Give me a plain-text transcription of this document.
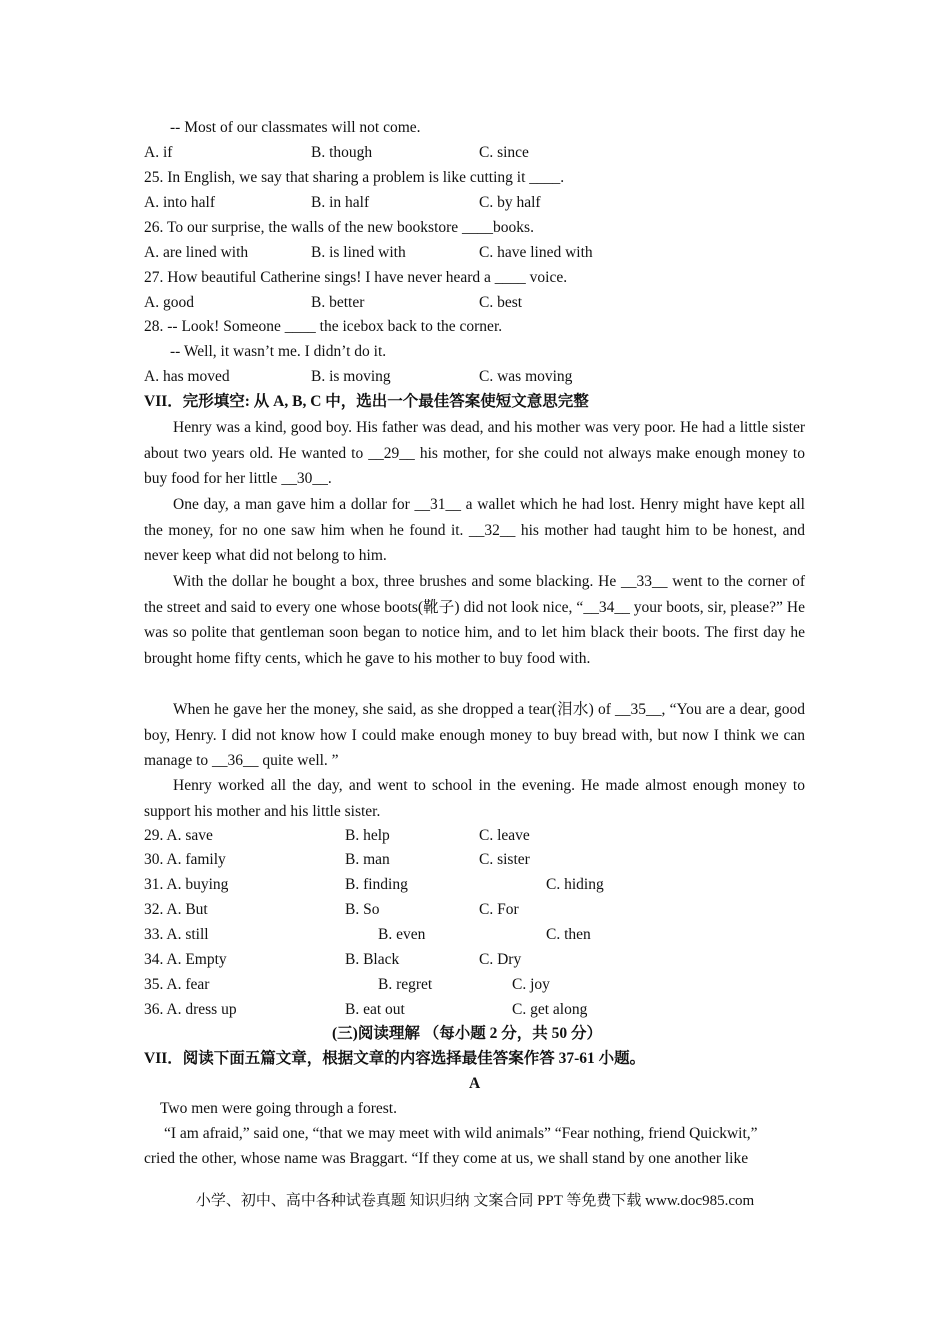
-- Most of our classmates will not come.
A. if	B. though	C. since
25. In English, we say that sharing a problem is like cutting it ____.
A. into half	B. in half	C. by half
26. To our surprise, the walls of the new bookstore ____books.
A. are lined with	B. is lined with	C. have lined with
27. How beautiful Catherine sings! I have never heard a ____ voice.
A. good	B. better	C. best
28. -- Look! Someone ____ the icebox back to the corner.
-- Well, it wasn’t me. I didn’t do it.
A. has moved	B. is moving	C. was moving
VII．完形填空: 从 A, B, C 中，选出一个最佳答案使短文意思完整
Henry was a kind, good boy. His father was dead, and his mother was very poor. He had a little sister about two years old. He wanted to __29__ his mother, for she could not always make enough money to buy food for her little __30__.
One day, a man gave him a dollar for __31__ a wallet which he had lost. Henry might have kept all the money, for no one saw him when he found it. __32__ his mother had taught him to be honest, and never keep what did not belong to him.
With the dollar he bought a box, three brushes and some blacking. He __33__ went to the corner of the street and said to every one whose boots(靴子) did not look nice, “__34__ your boots, sir, please?” He was so polite that gentleman soon began to notice him, and to let him black their boots. The first day he brought home fifty cents, which he gave to his mother to buy food with.
When he gave her the money, she said, as she dropped a tear(泪水) of __35__, “You are a dear, good boy, Henry. I did not know how I could make enough money to buy bread with, but now I think we can manage to __36__ quite well. ”
Henry worked all the day, and went to school in the evening. He made almost enough money to support his mother and his little sister.
29. A. save	B. help	C. leave
30. A. family	B. man	C. sister
31. A. buying	B. finding	C. hiding
32. A. But	B. So	C. For
33. A. still	B. even	C. then
34. A. Empty	B. Black	C. Dry
35. A. fear	B. regret	C. joy
36. A. dress up	B. eat out	C. get along
(三)阅读理解 （每小题 2 分，共 50 分）
VII．阅读下面五篇文章，根据文章的内容选择最佳答案作答 37-61 小题。
A
Two men were going through a forest.
“I am afraid,” said one, “that we may meet with wild animals” “Fear nothing, friend Quickwit,”
cried the other, whose name was Braggart. “If they come at us, we shall stand by one another like
小学、初中、高中各种试卷真题 知识归纳 文案合同 PPT 等免费下载 www.doc985.com
